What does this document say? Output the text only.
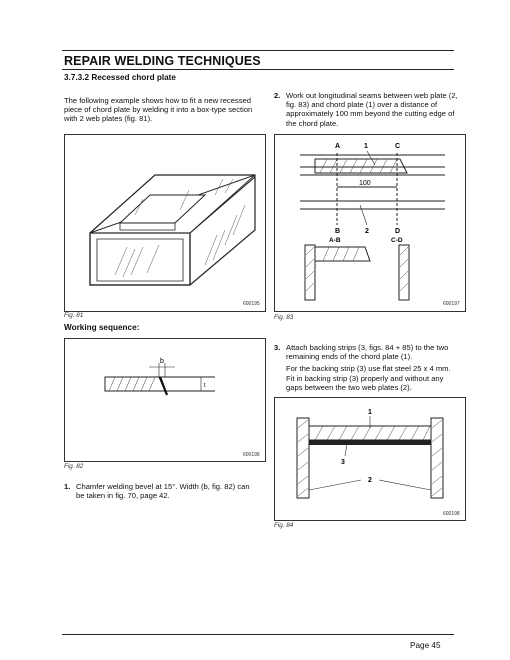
REPAIR WELDING TECHNIQUES
3.7.3.2 Recessed chord plate
The following example shows how to fit a new recessed piece of chord plate by welding it into a box-type section with 2 web plates (fig. 81).
2. Work out longitudinal seams between web plate (2, fig. 83) and chord plate (1) over a distance of approximately 100 mm beyond the cutting edge of the chord plate.
600195
Fig. 81
A	1	C
100
B	2	D
A-B	C-D
600197
Fig. 83
Working sequence:
b
t
600198
Fig. 82
1. Chamfer welding bevel at 15°. Width (b, fig. 82) can be taken in fig. 70, page 42.
3. Attach backing strips (3, figs. 84 + 85) to the two remaining ends of the chord plate (1).
For the backing strip (3) use flat steel 25 x 4 mm. Fit in backing strip (3) properly and without any gaps between the two web plates (2).
1
3
2
600198
Fig. 84
Page 45
